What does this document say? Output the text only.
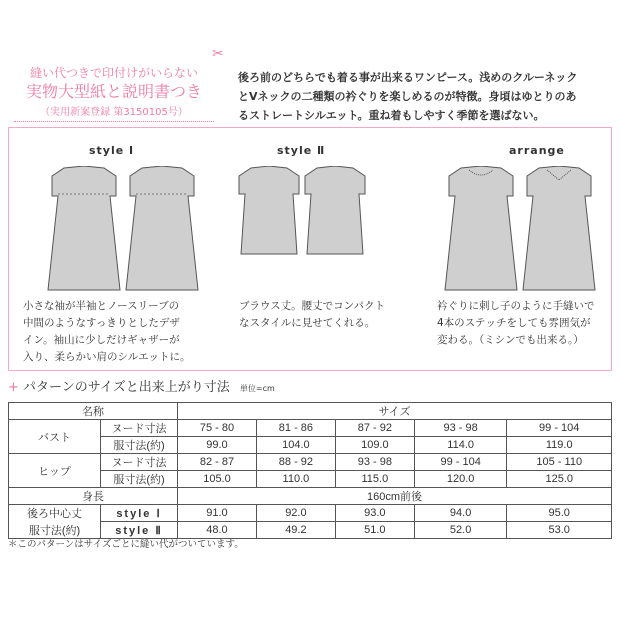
縫い代つきで印付けがいらない
実物大型紙と説明書つき
（実用新案登録 第3150105号）
✂
後ろ前のどちらでも着る事が出来るワンピース。浅めのクルーネック
とVネックの二種類の衿ぐりを楽しめるのが特徴。身頃はゆとりのあ
るストレートシルエット。重ね着もしやすく季節を選ばない。
style Ⅰ	style Ⅱ	arrange
小さな袖が半袖とノースリーブの
中間のようなすっきりとしたデザ
イン。袖山に少しだけギャザーが
入り、柔らかい肩のシルエットに。
ブラウス丈。腰丈でコンパクト
なスタイルに見せてくれる。
衿ぐりに刺し子のように手縫いで
4本のステッチをしても雰囲気が
変わる。（ミシンでも出来る。）
+ パターンのサイズと出来上がり寸法 単位=cm
名称		サイズ				
バスト	ヌード寸法	75 - 80	81 - 86	87 - 92	93 - 98	99 - 104
	服寸法(約)	99.0	104.0	109.0	114.0	119.0
ヒップ	ヌード寸法	82 - 87	88 - 92	93 - 98	99 - 104	105 - 110
	服寸法(約)	105.0	110.0	115.0	120.0	125.0
身長		160cm前後				
後ろ中心丈	style Ⅰ	91.0	92.0	93.0	94.0	95.0
服寸法(約)	style Ⅱ	48.0	49.2	51.0	52.0	53.0
＊このパターンはサイズごとに縫い代がついています。
